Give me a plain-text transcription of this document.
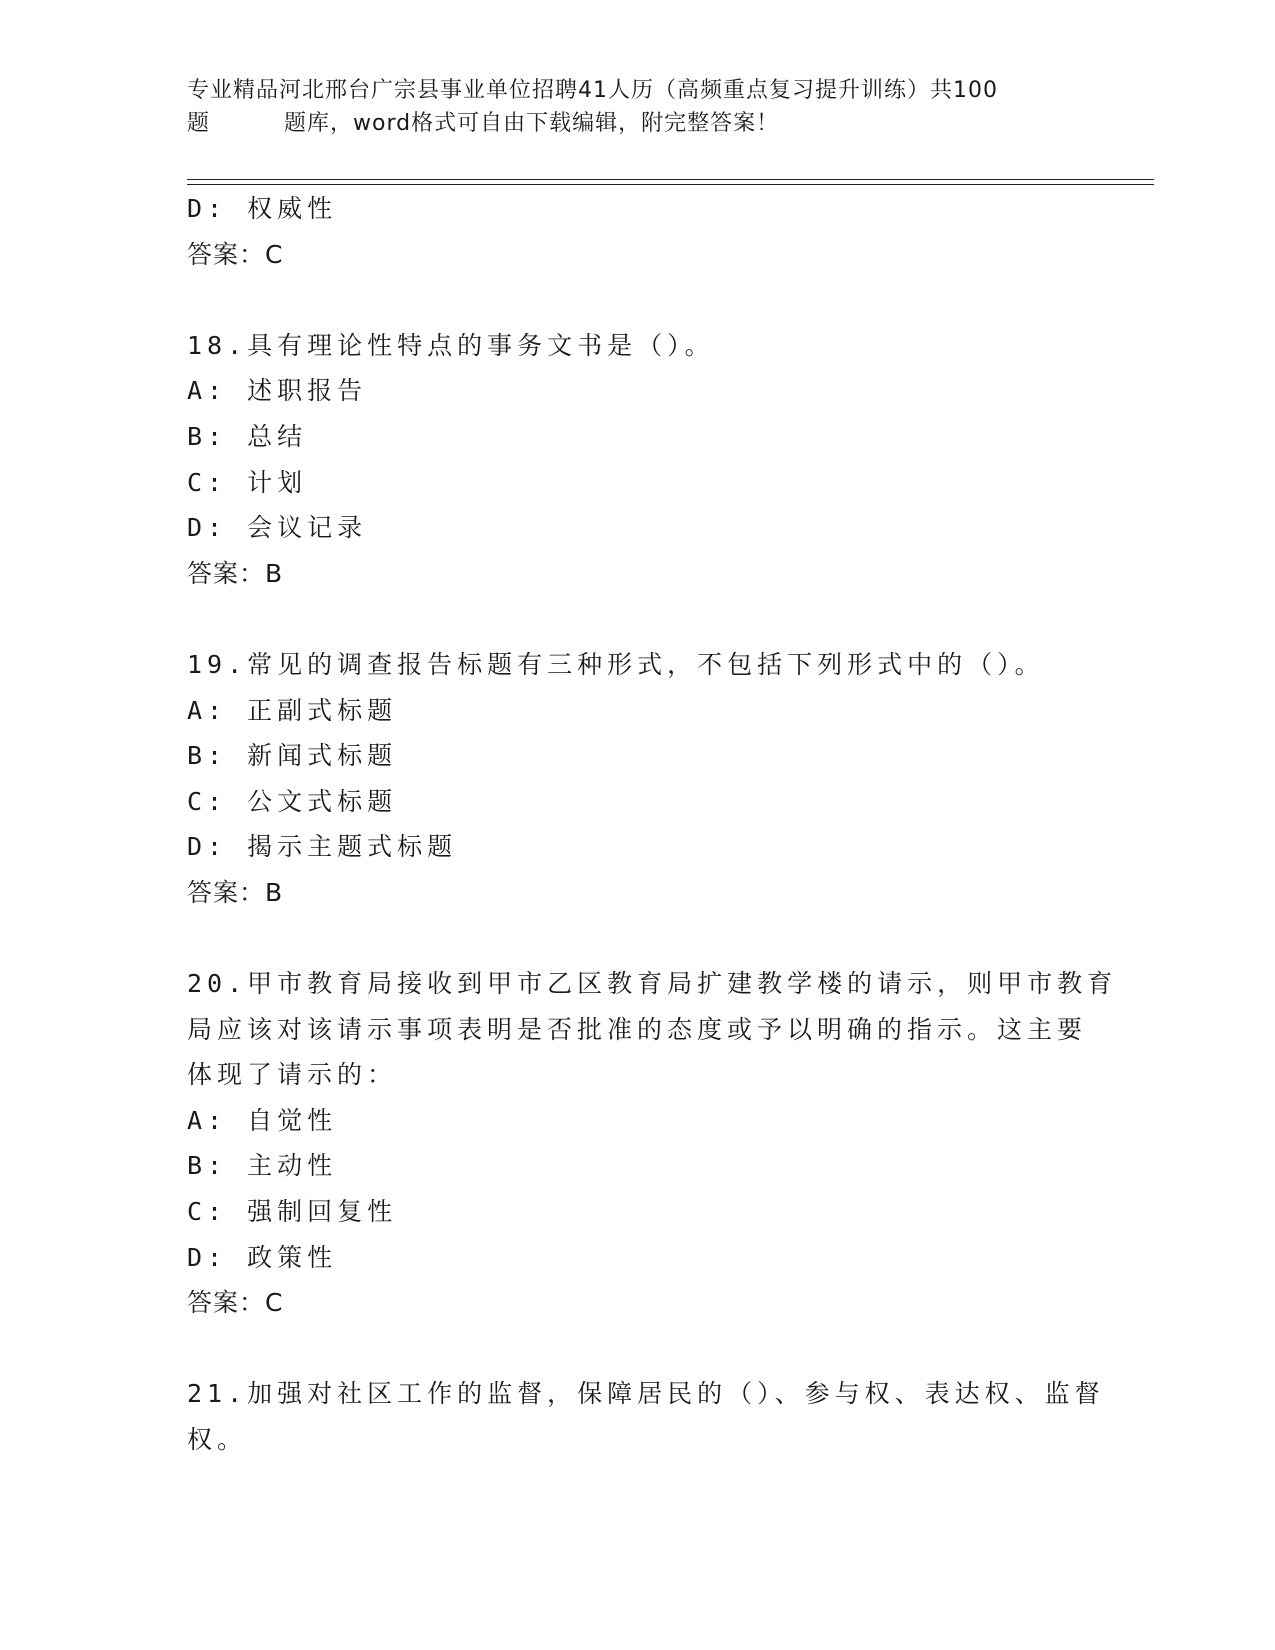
专业精品河北邢台广宗县事业单位招聘41人历（高频重点复习提升训练）共100
题	题库，word格式可自由下载编辑，附完整答案！
D: 权威性
答案：C
18.具有理论性特点的事务文书是（）。
A: 述职报告
B: 总结
C: 计划
D: 会议记录
答案：B
19.常见的调查报告标题有三种形式，不包括下列形式中的（）。
A: 正副式标题
B: 新闻式标题
C: 公文式标题
D: 揭示主题式标题
答案：B
20.甲市教育局接收到甲市乙区教育局扩建教学楼的请示，则甲市教育
局应该对该请示事项表明是否批准的态度或予以明确的指示。这主要
体现了请示的：
A: 自觉性
B: 主动性
C: 强制回复性
D: 政策性
答案：C
21.加强对社区工作的监督，保障居民的（）、参与权、表达权、监督
权。
